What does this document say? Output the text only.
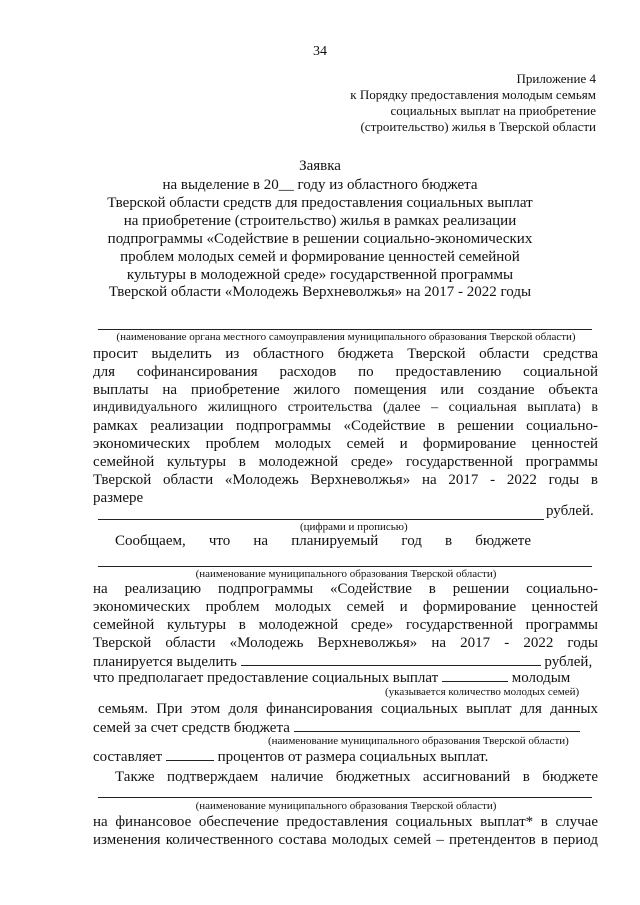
34
Приложение 4
к Порядку предоставления молодым семьям
социальных выплат на приобретение
(строительство) жилья в Тверской области
Заявка
на выделение в 20__ году из областного бюджета
Тверской области средств для предоставления социальных выплат
на приобретение (строительство) жилья в рамках реализации
подпрограммы «Содействие в решении социально-экономических
проблем молодых семей и формирование ценностей семейной
культуры в молодежной среде» государственной программы
Тверской области «Молодежь Верхневолжья» на 2017 - 2022 годы
(наименование органа местного самоуправления муниципального образования Тверской области)
просит выделить из областного бюджета Тверской области средства
для софинансирования расходов по предоставлению социальной
выплаты на приобретение жилого помещения или создание объекта
индивидуального жилищного строительства (далее – социальная выплата) в
рамках реализации подпрограммы «Содействие в решении социально-
экономических проблем молодых семей и формирование ценностей
семейной культуры в молодежной среде» государственной программы
Тверской области «Молодежь Верхневолжья» на 2017 - 2022 годы в
размере
рублей.
(цифрами и прописью)
Сообщаем, что на планируемый год в бюджете
(наименование муниципального образования Тверской области)
на реализацию подпрограммы «Содействие в решении социально-
экономических проблем молодых семей и формирование ценностей
семейной культуры в молодежной среде» государственной программы
Тверской области «Молодежь Верхневолжья» на 2017 - 2022 годы
планируется выделить	рублей,
что предполагает предоставление социальных выплат	молодым
(указывается количество молодых семей)
семьям. При этом доля финансирования социальных выплат для данных
семей за счет средств бюджета
(наименование муниципального образования Тверской области)
составляет	процентов от размера социальных выплат.
Также подтверждаем наличие бюджетных ассигнований в бюджете
(наименование муниципального образования Тверской области)
на финансовое обеспечение предоставления социальных выплат* в случае
изменения количественного состава молодых семей – претендентов в период
